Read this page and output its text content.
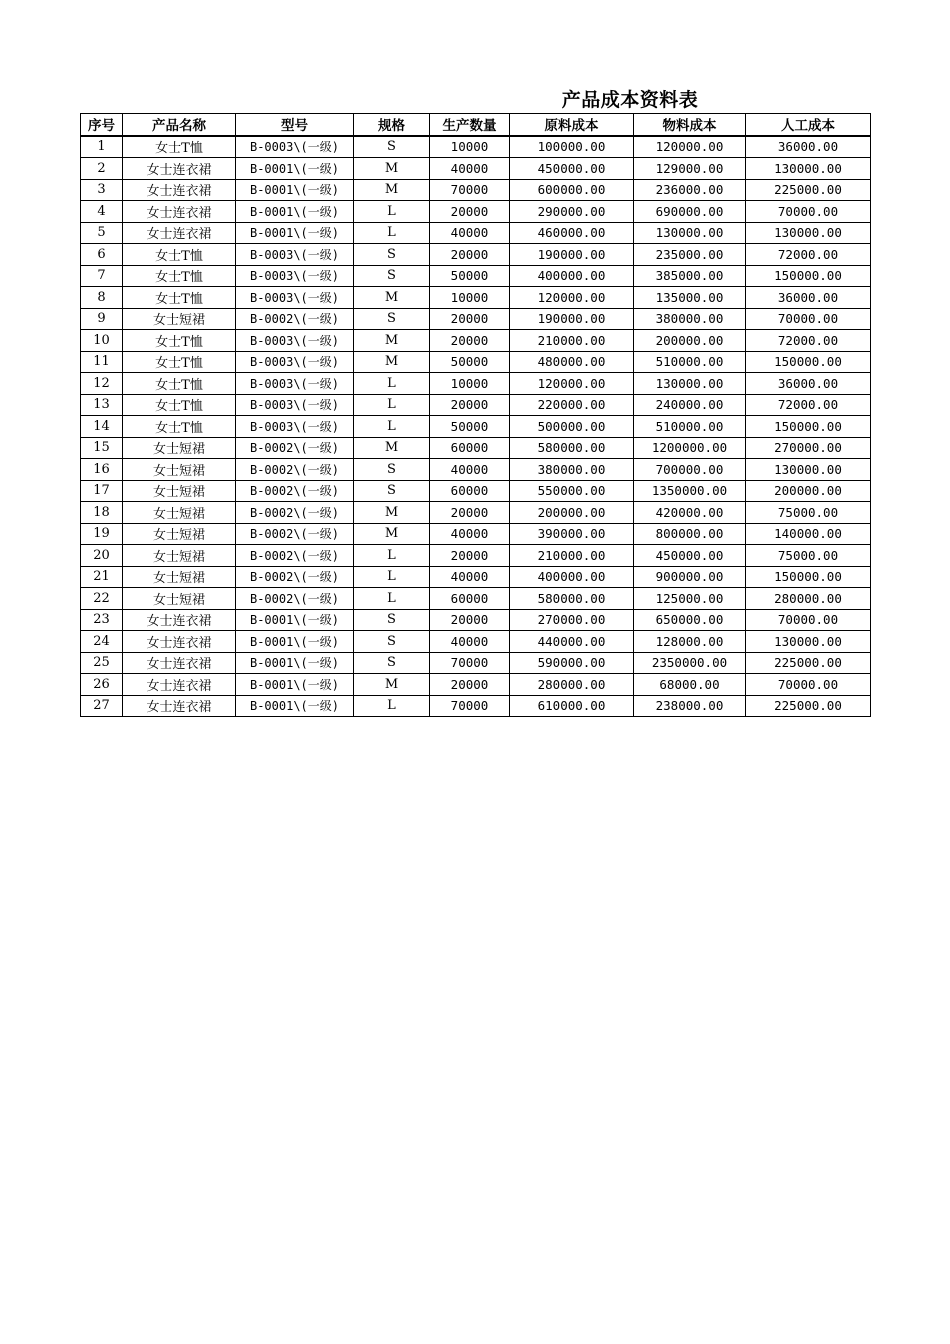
产品成本资料表
序号	产品名称	型号	规格	生产数量	原料成本	物料成本	人工成本
1	女士T恤	B-0003\(一级)	S	10000	100000.00	120000.00	36000.00
2	女士连衣裙	B-0001\(一级)	M	40000	450000.00	129000.00	130000.00
3	女士连衣裙	B-0001\(一级)	M	70000	600000.00	236000.00	225000.00
4	女士连衣裙	B-0001\(一级)	L	20000	290000.00	690000.00	70000.00
5	女士连衣裙	B-0001\(一级)	L	40000	460000.00	130000.00	130000.00
6	女士T恤	B-0003\(一级)	S	20000	190000.00	235000.00	72000.00
7	女士T恤	B-0003\(一级)	S	50000	400000.00	385000.00	150000.00
8	女士T恤	B-0003\(一级)	M	10000	120000.00	135000.00	36000.00
9	女士短裙	B-0002\(一级)	S	20000	190000.00	380000.00	70000.00
10	女士T恤	B-0003\(一级)	M	20000	210000.00	200000.00	72000.00
11	女士T恤	B-0003\(一级)	M	50000	480000.00	510000.00	150000.00
12	女士T恤	B-0003\(一级)	L	10000	120000.00	130000.00	36000.00
13	女士T恤	B-0003\(一级)	L	20000	220000.00	240000.00	72000.00
14	女士T恤	B-0003\(一级)	L	50000	500000.00	510000.00	150000.00
15	女士短裙	B-0002\(一级)	M	60000	580000.00	1200000.00	270000.00
16	女士短裙	B-0002\(一级)	S	40000	380000.00	700000.00	130000.00
17	女士短裙	B-0002\(一级)	S	60000	550000.00	1350000.00	200000.00
18	女士短裙	B-0002\(一级)	M	20000	200000.00	420000.00	75000.00
19	女士短裙	B-0002\(一级)	M	40000	390000.00	800000.00	140000.00
20	女士短裙	B-0002\(一级)	L	20000	210000.00	450000.00	75000.00
21	女士短裙	B-0002\(一级)	L	40000	400000.00	900000.00	150000.00
22	女士短裙	B-0002\(一级)	L	60000	580000.00	125000.00	280000.00
23	女士连衣裙	B-0001\(一级)	S	20000	270000.00	650000.00	70000.00
24	女士连衣裙	B-0001\(一级)	S	40000	440000.00	128000.00	130000.00
25	女士连衣裙	B-0001\(一级)	S	70000	590000.00	2350000.00	225000.00
26	女士连衣裙	B-0001\(一级)	M	20000	280000.00	68000.00	70000.00
27	女士连衣裙	B-0001\(一级)	L	70000	610000.00	238000.00	225000.00
